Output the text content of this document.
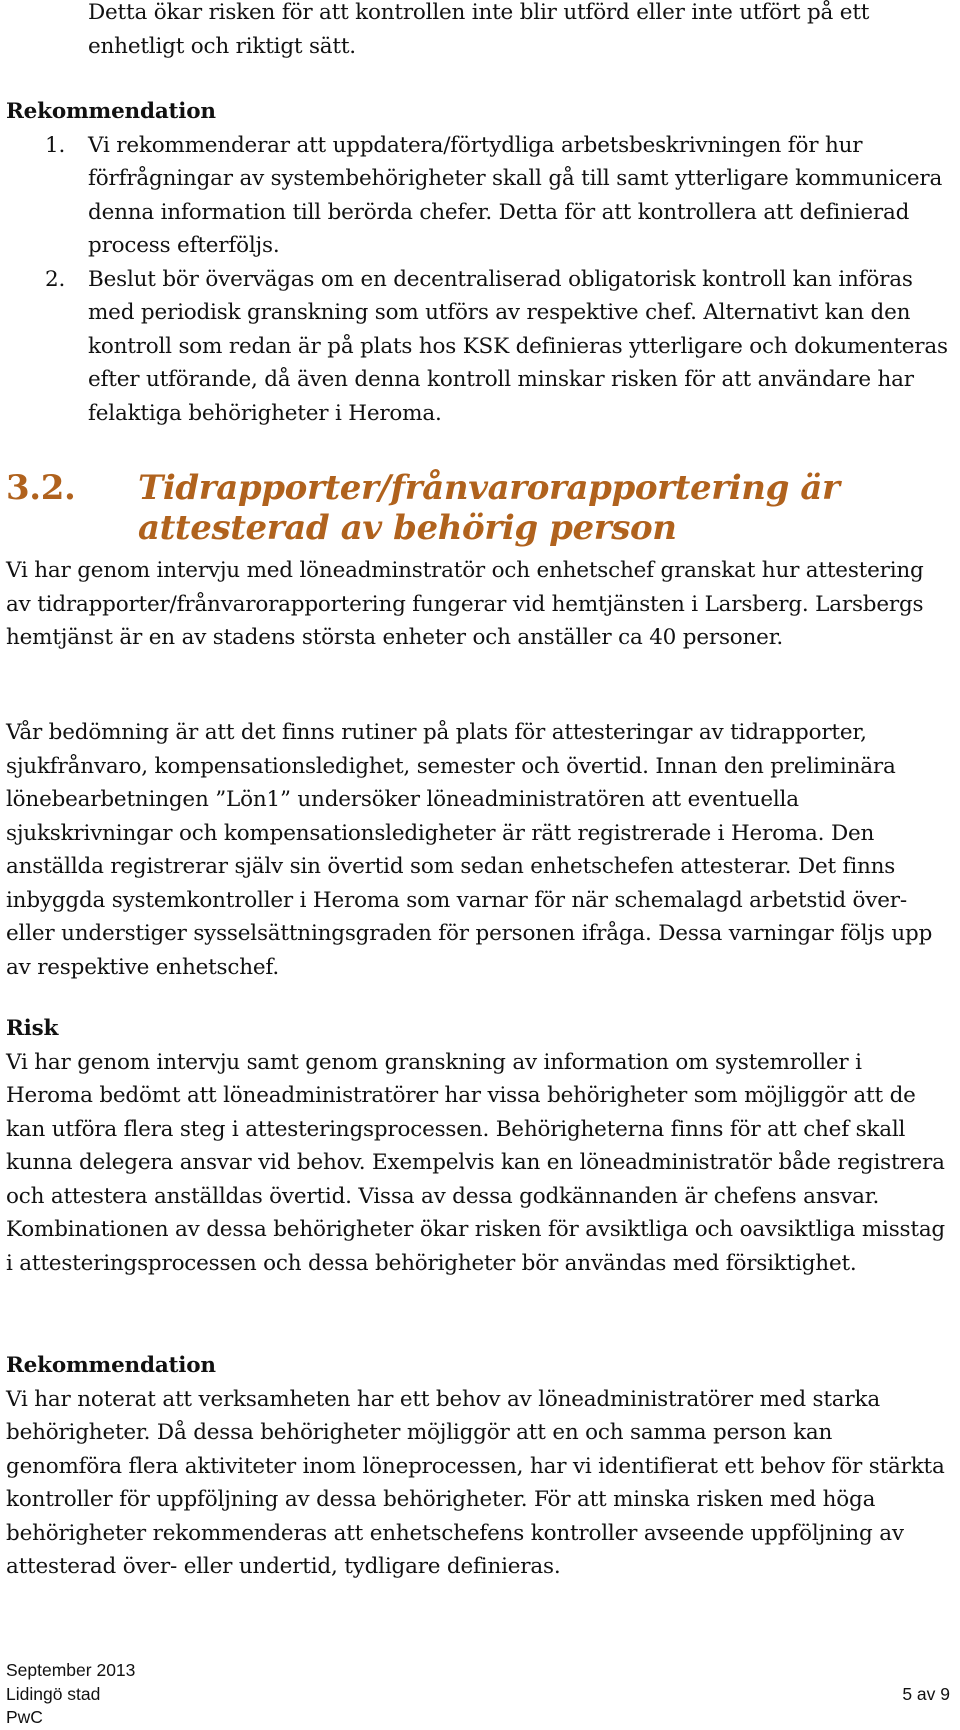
Detta ökar risken för att kontrollen inte blir utförd eller inte utfört på ett enhetligt och riktigt sätt.

Rekommendation
1. Vi rekommenderar att uppdatera/förtydliga arbetsbeskrivningen för hur förfrågningar av systembehörigheter skall gå till samt ytterligare kommunicera denna information till berörda chefer. Detta för att kontrollera att definierad process efterföljs.
2. Beslut bör övervägas om en decentraliserad obligatorisk kontroll kan införas med periodisk granskning som utförs av respektive chef. Alternativt kan den kontroll som redan är på plats hos KSK definieras ytterligare och dokumenteras efter utförande, då även denna kontroll minskar risken för att användare har felaktiga behörigheter i Heroma.
3.2. Tidrapporter/frånvarorapportering är attesterad av behörig person

Vi har genom intervju med löneadminstratör och enhetschef granskat hur attestering av tidrapporter/frånvarorapportering fungerar vid hemtjänsten i Larsberg. Larsbergs hemtjänst är en av stadens största enheter och anställer ca 40 personer.

Vår bedömning är att det finns rutiner på plats för attesteringar av tidrapporter, sjukfrånvaro, kompensationsledighet, semester och övertid. Innan den preliminära lönebearbetningen ”Lön1” undersöker löneadministratören att eventuella sjukskrivningar och kompensationsledigheter är rätt registrerade i Heroma. Den anställda registrerar själv sin övertid som sedan enhetschefen attesterar. Det finns inbyggda systemkontroller i Heroma som varnar för när schemalagd arbetstid över- eller understiger sysselsättningsgraden för personen ifråga. Dessa varningar följs upp av respektive enhetschef.

Risk

Vi har genom intervju samt genom granskning av information om systemroller i Heroma bedömt att löneadministratörer har vissa behörigheter som möjliggör att de kan utföra flera steg i attesteringsprocessen. Behörigheterna finns för att chef skall kunna delegera ansvar vid behov. Exempelvis kan en löneadministratör både registrera och attestera anställdas övertid. Vissa av dessa godkännanden är chefens ansvar. Kombinationen av dessa behörigheter ökar risken för avsiktliga och oavsiktliga misstag i attesteringsprocessen och dessa behörigheter bör användas med försiktighet.

Rekommendation

Vi har noterat att verksamheten har ett behov av löneadministratörer med starka behörigheter. Då dessa behörigheter möjliggör att en och samma person kan genomföra flera aktiviteter inom löneprocessen, har vi identifierat ett behov för stärkta kontroller för uppföljning av dessa behörigheter. För att minska risken med höga behörigheter rekommenderas att enhetschefens kontroller avseende uppföljning av attesterad över- eller undertid, tydligare definieras.

September 2013
Lidingö stad
PwC
5 av 9
